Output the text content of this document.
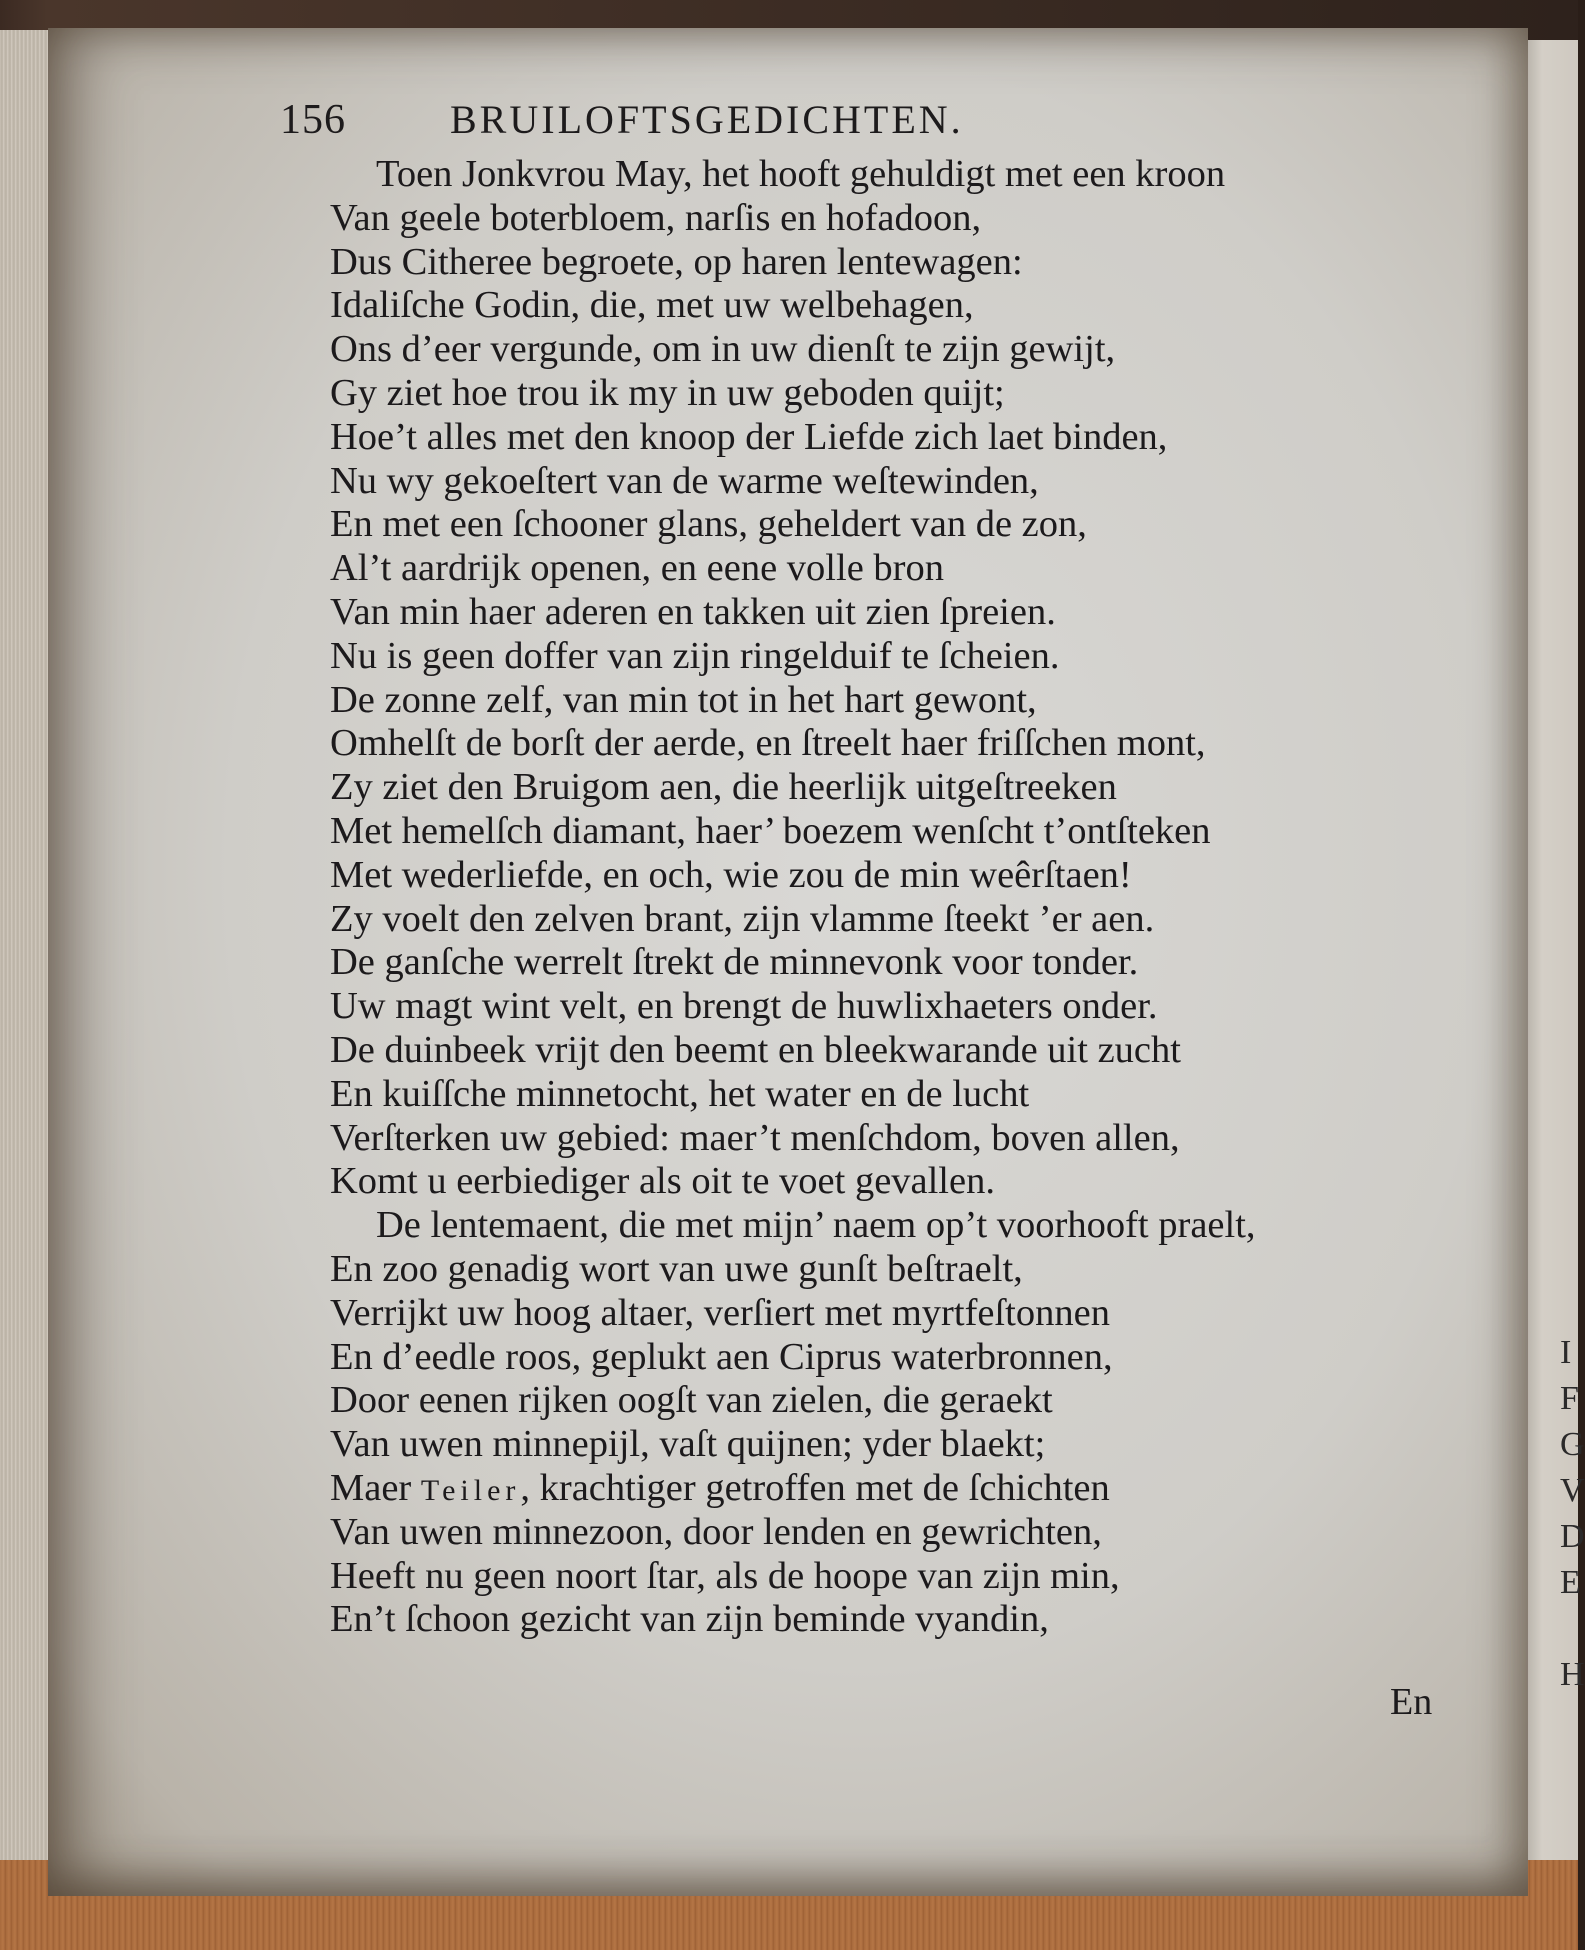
I
F
G
V
D
E

H
156	BRUILOFTSGEDICHTEN.
Toen Jonkvrou May, het hooft gehuldigt met een kroon
Van geele boterbloem, narſis en hofadoon,
Dus Citheree begroete, op haren lentewagen:
Idaliſche Godin, die, met uw welbehagen,
Ons d’eer vergunde, om in uw dienſt te zijn gewijt,
Gy ziet hoe trou ik my in uw geboden quijt;
Hoe’t alles met den knoop der Liefde zich laet binden,
Nu wy gekoeſtert van de warme weſtewinden,
En met een ſchooner glans, geheldert van de zon,
Al’t aardrijk openen, en eene volle bron
Van min haer aderen en takken uit zien ſpreien.
Nu is geen doffer van zijn ringelduif te ſcheien.
De zonne zelf, van min tot in het hart gewont,
Omhelſt de borſt der aerde, en ſtreelt haer friſſchen mont,
Zy ziet den Bruigom aen, die heerlijk uitgeſtreeken
Met hemelſch diamant, haer’ boezem wenſcht t’ontſteken
Met wederliefde, en och, wie zou de min weêrſtaen!
Zy voelt den zelven brant, zijn vlamme ſteekt ’er aen.
De ganſche werrelt ſtrekt de minnevonk voor tonder.
Uw magt wint velt, en brengt de huwlixhaeters onder.
De duinbeek vrijt den beemt en bleekwarande uit zucht
En kuiſſche minnetocht, het water en de lucht
Verſterken uw gebied: maer’t menſchdom, boven allen,
Komt u eerbiediger als oit te voet gevallen.
De lentemaent, die met mijn’ naem op’t voorhooft praelt,
En zoo genadig wort van uwe gunſt beſtraelt,
Verrijkt uw hoog altaer, verſiert met myrtfeſtonnen
En d’eedle roos, geplukt aen Ciprus waterbronnen,
Door eenen rijken oogſt van zielen, die geraekt
Van uwen minnepijl, vaſt quijnen; yder blaekt;
Maer Teiler, krachtiger getroffen met de ſchichten
Van uwen minnezoon, door lenden en gewrichten,
Heeft nu geen noort ſtar, als de hoope van zijn min,
En’t ſchoon gezicht van zijn beminde vyandin,
En
